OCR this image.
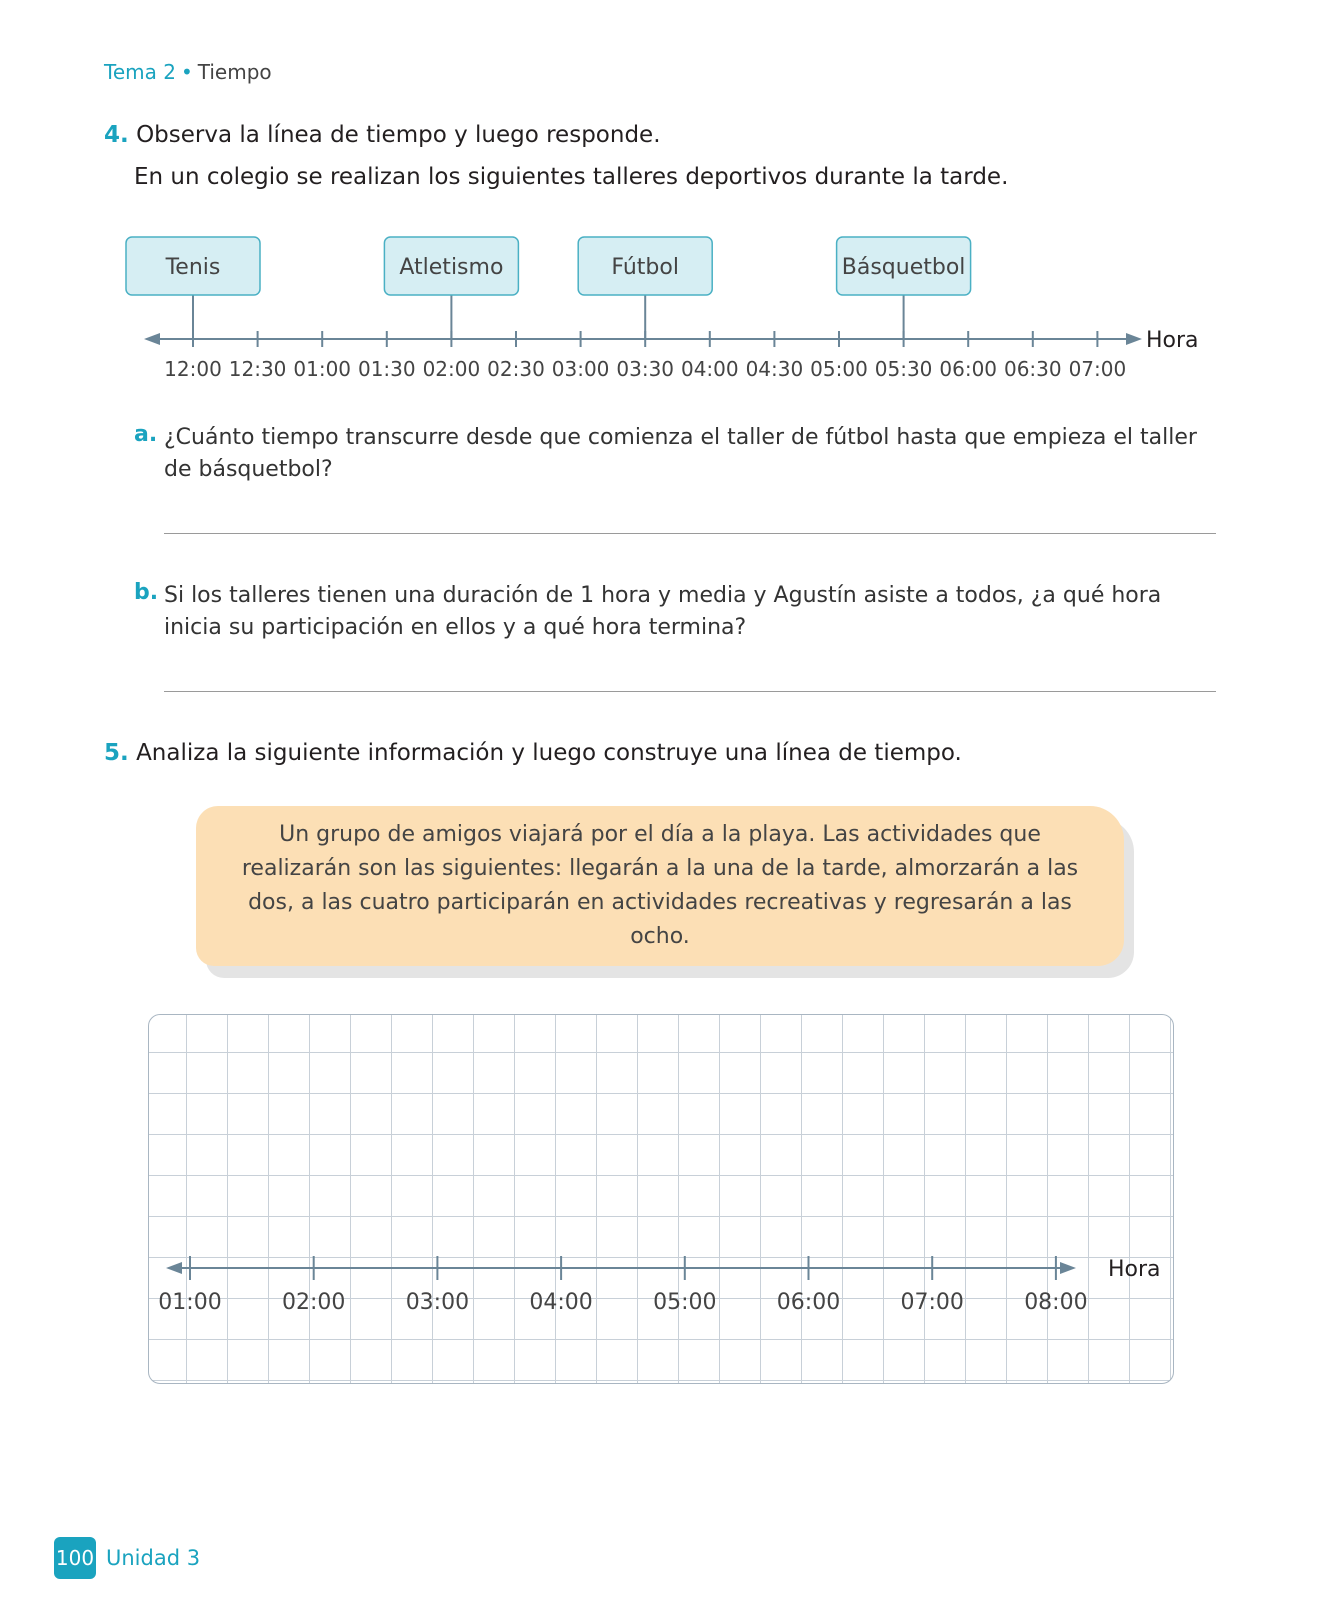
Tema 2 • Tiempo
4. Observa la línea de tiempo y luego responde.
En un colegio se realizan los siguientes talleres deportivos durante la tarde.
Hora
12:00 12:30 01:00 01:30 02:00 02:30 03:00 03:30 04:00 04:30 05:00 05:30 06:00 06:30 07:00
Tenis	Atletismo	Fútbol	Básquetbol
a. ¿Cuánto tiempo transcurre desde que comienza el taller de fútbol hasta que empieza el taller de básquetbol?
b. Si los talleres tienen una duración de 1 hora y media y Agustín asiste a todos, ¿a qué hora inicia su participación en ellos y a qué hora termina?
5. Analiza la siguiente información y luego construye una línea de tiempo.
Un grupo de amigos viajará por el día a la playa. Las actividades que realizarán son las siguientes: llegarán a la una de la tarde, almorzarán a las dos, a las cuatro participarán en actividades recreativas y regresarán a las ocho.
Hora
01:00	02:00	03:00	04:00	05:00	06:00	07:00	08:00
100 Unidad 3
